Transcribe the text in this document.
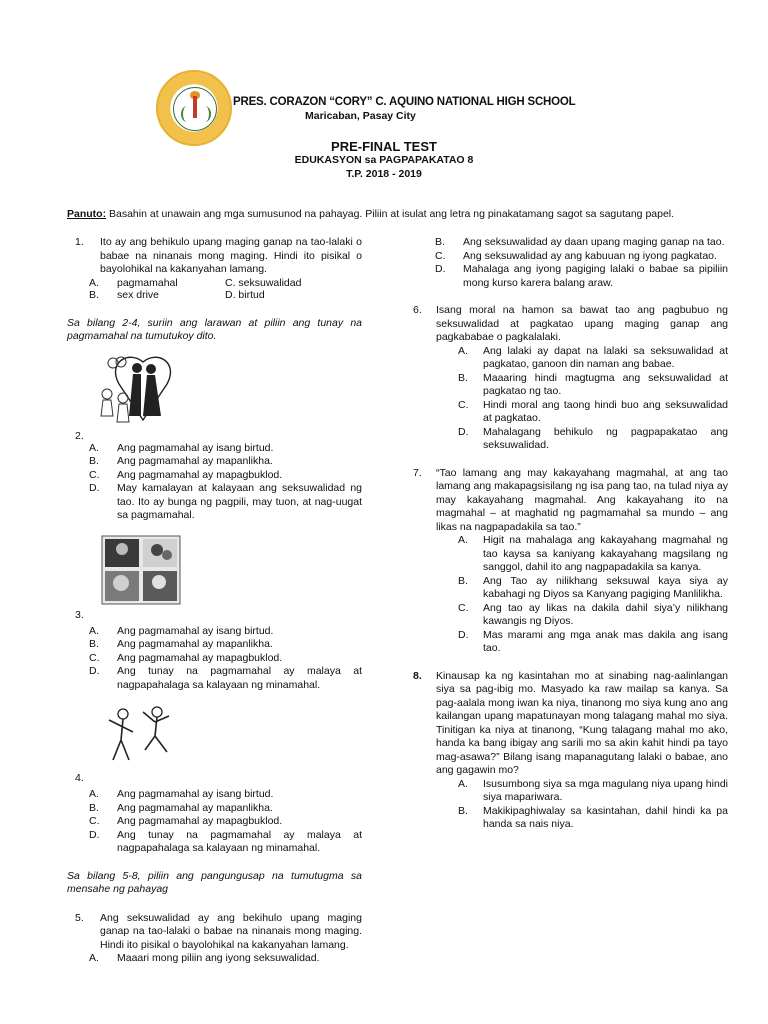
PRES. CORAZON “CORY” C. AQUINO NATIONAL HIGH SCHOOL
Maricaban, Pasay City
PRE-FINAL TEST
EDUKASYON sa PAGPAPAKATAO 8
T.P. 2018 - 2019
Panuto: Basahin at unawain ang mga sumusunod na pahayag. Piliin at isulat ang letra ng pinakatamang sagot sa sagutang papel.
1.	Ito ay ang behikulo upang maging ganap na tao-lalaki o babae na ninanais mong maging. Hindi ito pisikal o bayolohikal na kakanyahan lamang.
A.	pagmamahal	C. seksuwalidad
B.	sex drive	D. birtud
Sa bilang 2-4, suriin ang larawan at piliin ang tunay na pagmamahal na tumutukoy dito.
2.
A. Ang pagmamahal ay isang birtud.
B. Ang pagmamahal ay mapanlikha.
C. Ang pagmamahal ay mapagbuklod.
D. May kamalayan at kalayaan ang seksuwalidad ng tao. Ito ay bunga ng pagpili, may tuon, at nag-uugat sa pagmamahal.
3.
A. Ang pagmamahal ay isang birtud.
B. Ang pagmamahal ay mapanlikha.
C. Ang pagmamahal ay mapagbuklod.
D. Ang tunay na pagmamahal ay malaya at nagpapahalaga sa kalayaan ng minamahal.
4.
A. Ang pagmamahal ay isang birtud.
B. Ang pagmamahal ay mapanlikha.
C. Ang pagmamahal ay mapagbuklod.
D. Ang tunay na pagmamahal ay malaya at nagpapahalaga sa kalayaan ng minamahal.
Sa bilang 5-8, piliin ang pangungusap na tumutugma sa mensahe ng pahayag
5.	Ang seksuwalidad ay ang bekihulo upang maging ganap na tao-lalaki o babae na ninanais mong maging. Hindi ito pisikal o bayolohikal na kakanyahan lamang.
A. Maaari mong piliin ang iyong seksuwalidad.
B. Ang seksuwalidad ay daan upang maging ganap na tao.
C. Ang seksuwalidad ay ang kabuuan ng iyong pagkatao.
D. Mahalaga ang iyong pagiging lalaki o babae sa pipiliin mong kurso karera balang araw.
6.	Isang moral na hamon sa bawat tao ang pagbubuo ng seksuwalidad at pagkatao upang maging ganap ang pagkababae o pagkalalaki.
A.	Ang lalaki ay dapat na lalaki sa seksuwalidad at pagkatao, ganoon din naman ang babae.
B.	Maaaring hindi magtugma ang seksuwalidad at pagkatao ng tao.
C.	Hindi moral ang taong hindi buo ang seksuwalidad at pagkatao.
D.	Mahalagang behikulo ng pagpapakatao ang seksuwalidad.
7.	“Tao lamang ang may kakayahang magmahal, at ang tao lamang ang makapagsisilang ng isa pang tao, na tulad niya ay may kakayahang magmahal. Ang kakayahang ito na magmahal – at maghatid ng pagmamahal sa mundo – ang likas na nagpapadakila sa tao.”
A.	Higit na mahalaga ang kakayahang magmahal ng tao kaysa sa kaniyang kakayahang magsilang ng sanggol, dahil ito ang nagpapadakila sa kanya.
B.	Ang Tao ay nilikhang seksuwal kaya siya ay kabahagi ng Diyos sa Kanyang pagiging Manlilikha.
C.	Ang tao ay likas na dakila dahil siya’y nilikhang kawangis ng Diyos.
D.	Mas marami ang mga anak mas dakila ang isang tao.
8.	Kinausap ka ng kasintahan mo at sinabing nag-aalinlangan siya sa pag-ibig mo. Masyado ka raw mailap sa kanya. Sa pag-aalala mong iwan ka niya, tinanong mo siya kung ano ang kailangan upang mapatunayan mong talagang mahal mo siya. Tinitigan ka niya at tinanong, “Kung talagang mahal mo ako, handa ka bang ibigay ang sarili mo sa akin kahit hindi pa tayo mag-asawa?” Bilang isang mapanagutang lalaki o babae, ano ang gagawin mo?
A.	Isusumbong siya sa mga magulang niya upang hindi siya mapariwara.
B.	Makikipaghiwalay sa kasintahan, dahil hindi ka pa handa sa nais niya.
